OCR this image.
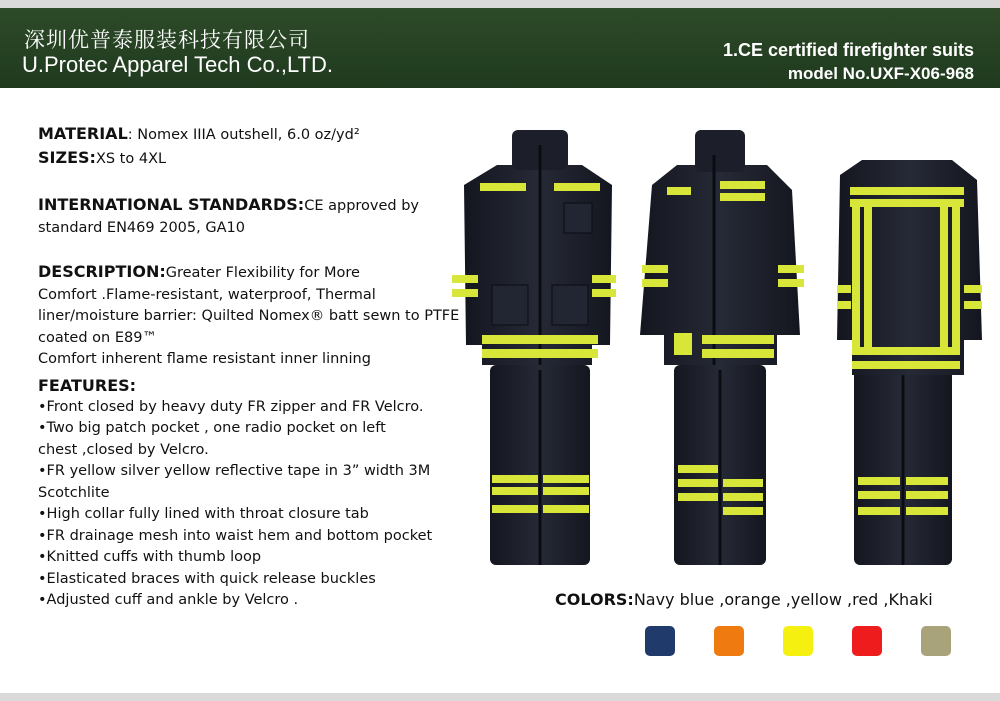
深圳优普泰服装科技有限公司
U.Protec Apparel Tech Co.,LTD.
1.CE certified firefighter suits
model No.UXF-X06-968
MATERIAL: Nomex IIIA outshell, 6.0 oz/yd²
SIZES:XS to 4XL
INTERNATIONAL STANDARDS:CE approved by
standard EN469 2005, GA10
DESCRIPTION:Greater Flexibility for More
Comfort .Flame-resistant, waterproof, Thermal
liner/moisture barrier: Quilted Nomex® batt sewn to PTFE
coated on E89™
Comfort inherent flame resistant inner linning
FEATURES:
•Front closed by heavy duty FR zipper and FR Velcro.
•Two big patch pocket , one radio pocket on left
chest ,closed by Velcro.
•FR yellow silver yellow reflective tape in 3” width 3M
Scotchlite
•High collar fully lined with throat closure tab
•FR drainage mesh into waist hem and bottom pocket
•Knitted cuffs with thumb loop
•Elasticated braces with quick release buckles
•Adjusted cuff and ankle by Velcro .	COLORS:Navy blue ,orange ,yellow ,red ,Khaki
